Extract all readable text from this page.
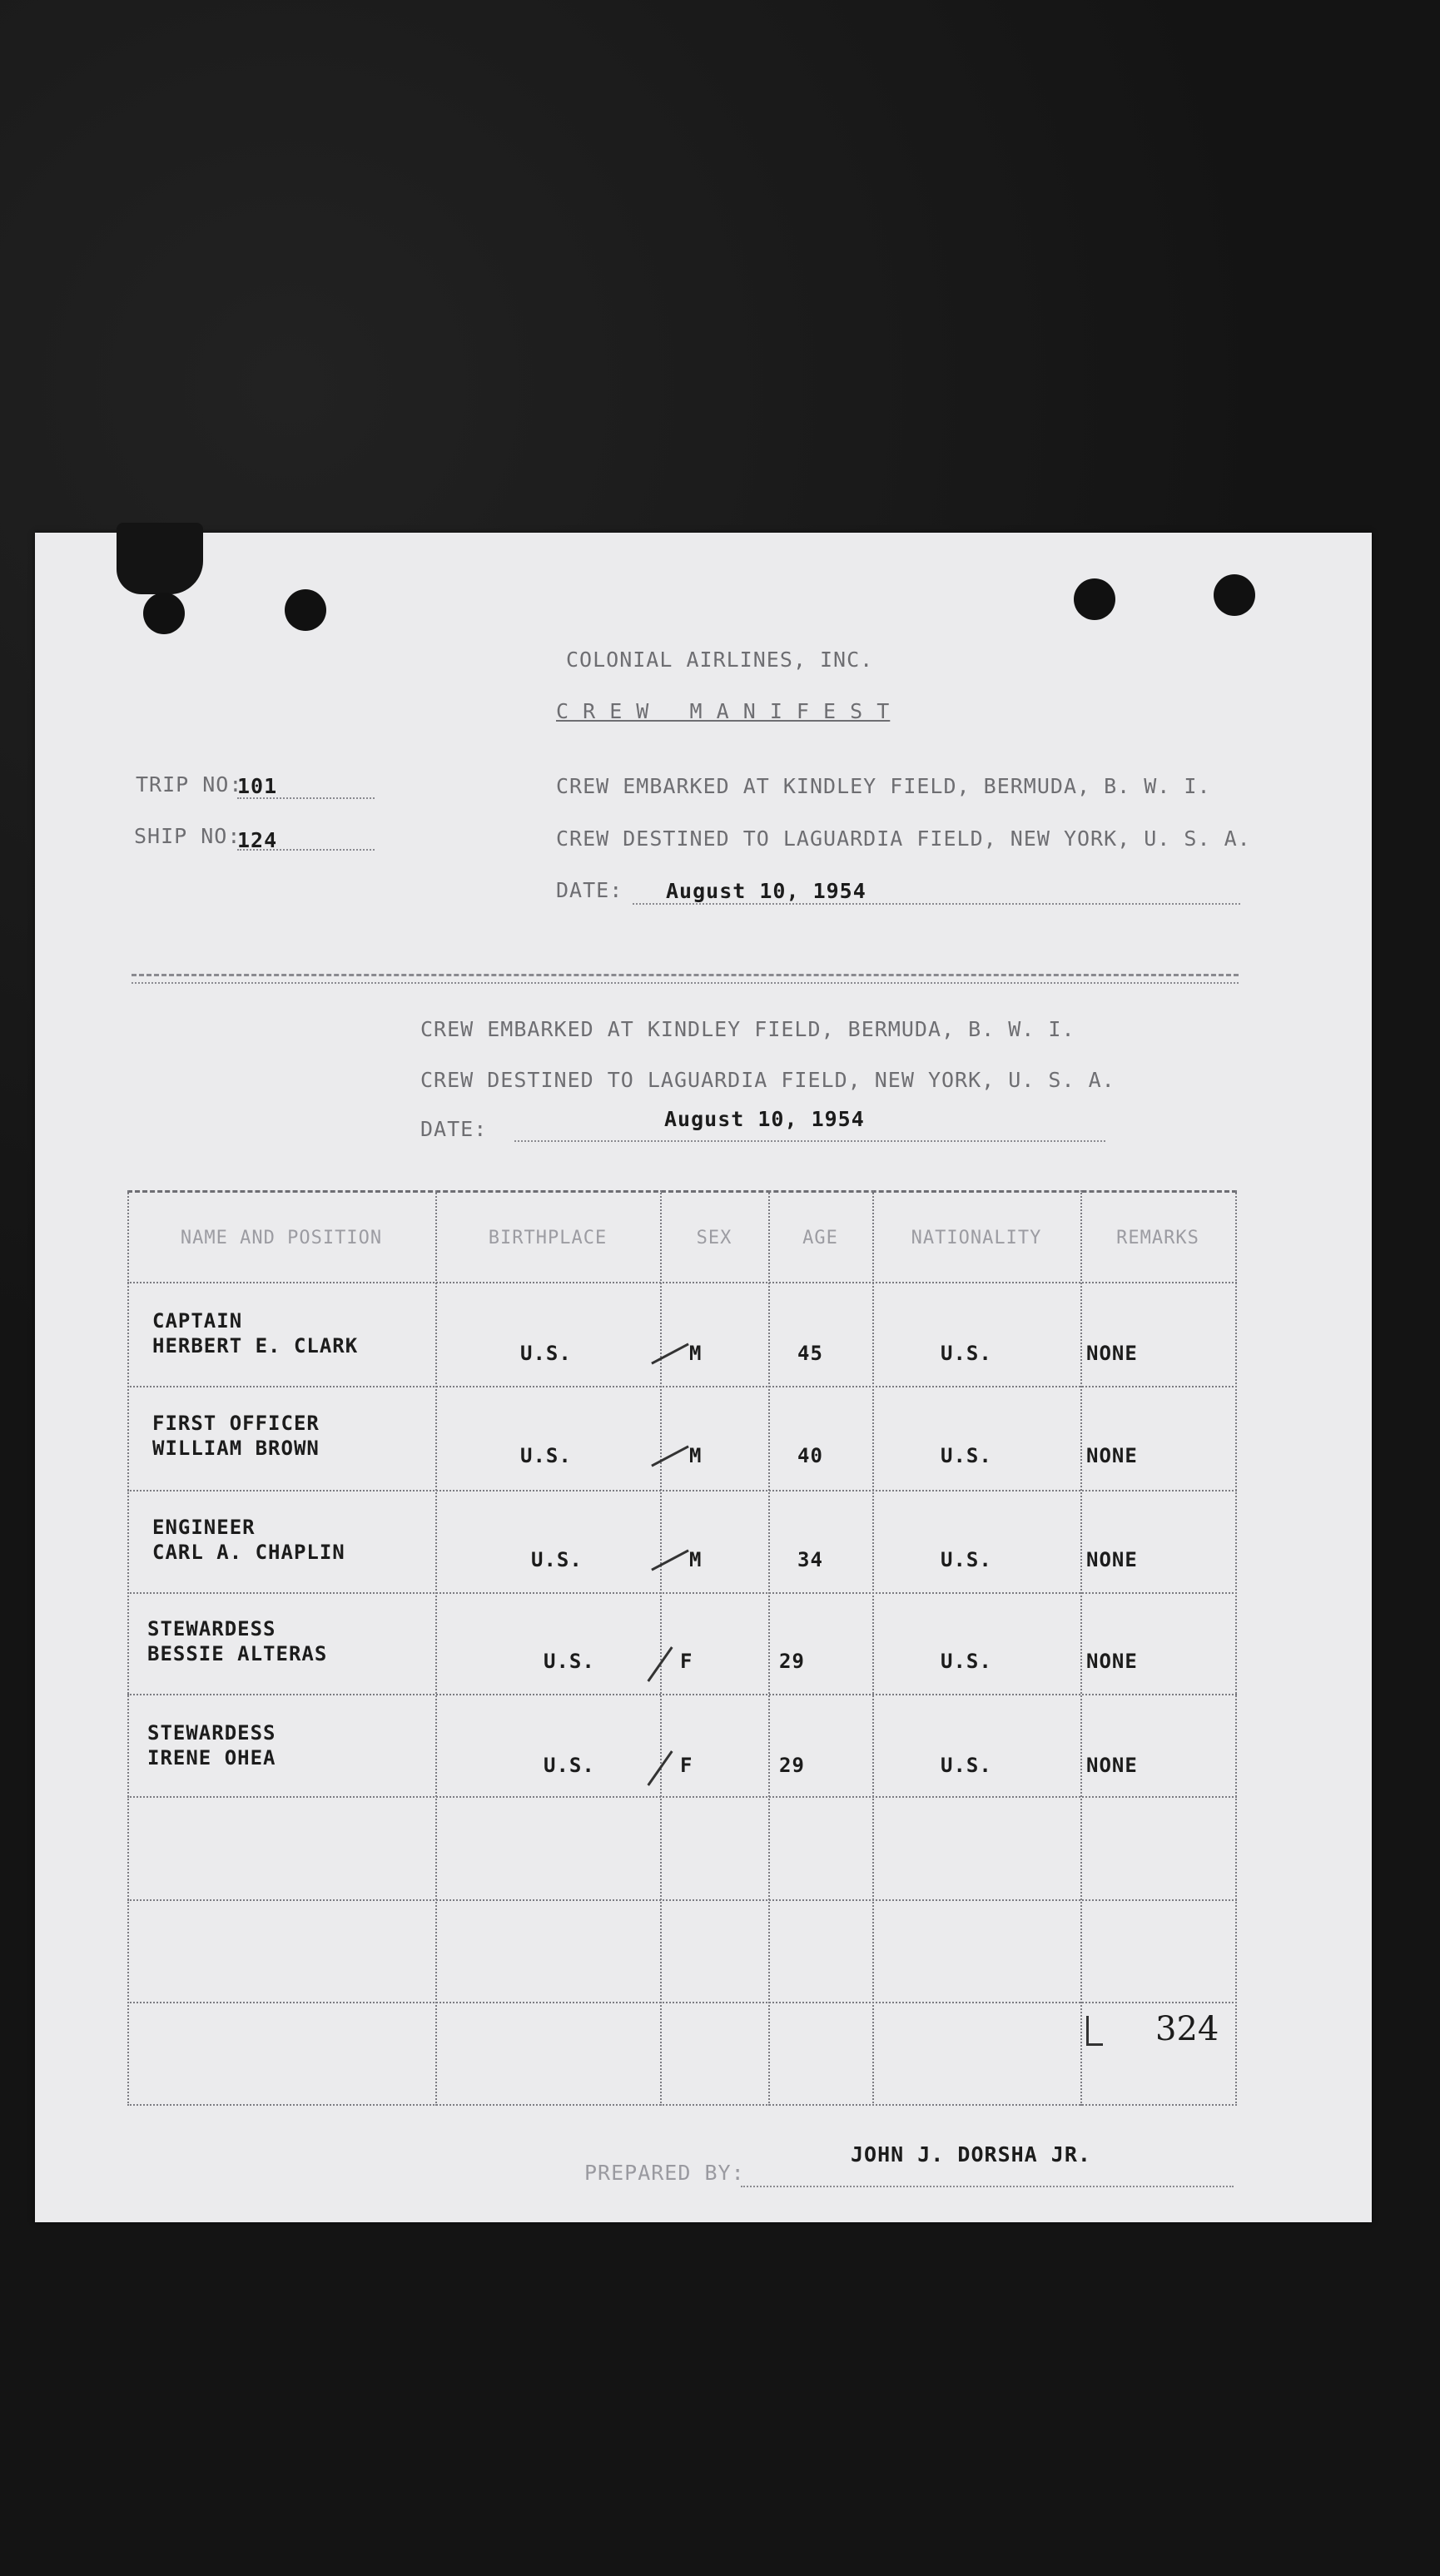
COLONIAL AIRLINES, INC.
C R E W   M A N I F E S T
TRIP NO:
101
SHIP NO:
124
CREW EMBARKED AT KINDLEY FIELD, BERMUDA, B. W. I.
CREW DESTINED TO LAGUARDIA FIELD, NEW YORK, U. S. A.
DATE: August 10, 1954
CREW EMBARKED AT KINDLEY FIELD, BERMUDA, B. W. I.
CREW DESTINED TO LAGUARDIA FIELD, NEW YORK, U. S. A.
DATE:	August 10, 1954
NAME AND POSITION	BIRTHPLACE	SEX	AGE	NATIONALITY	REMARKS
CAPTAIN
HERBERT E. CLARK	U.S.	M	45	U.S.	NONE
FIRST OFFICER
WILLIAM BROWN	U.S.	M	40	U.S.	NONE
ENGINEER
CARL A. CHAPLIN	U.S.	M	34	U.S.	NONE
STEWARDESS
BESSIE ALTERAS	U.S.	F	29	U.S.	NONE
STEWARDESS
IRENE OHEA	U.S.	F	29	U.S.	NONE
324
PREPARED BY:
JOHN J. DORSHA JR.
